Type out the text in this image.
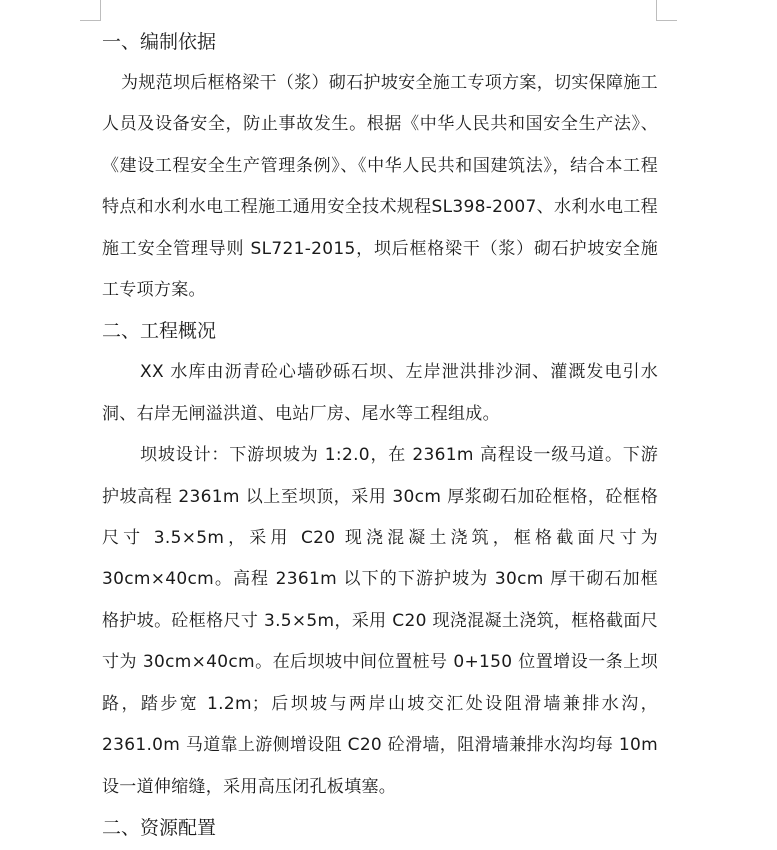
一、编制依据

为规范坝后框格梁干（浆）砌石护坡安全施工专项方案，切实保障施工人员及设备安全，防止事故发生。根据《中华人民共和国安全生产法》、《建设工程安全生产管理条例》、《中华人民共和国建筑法》，结合本工程特点和水利水电工程施工通用安全技术规程SL398-2007、水利水电工程施工安全管理导则 SL721-2015，坝后框格梁干（浆）砌石护坡安全施工专项方案。

二、工程概况

XX 水库由沥青砼心墙砂砾石坝、左岸泄洪排沙洞、灌溉发电引水洞、右岸无闸溢洪道、电站厂房、尾水等工程组成。

坝坡设计：下游坝坡为 1:2.0，在 2361m 高程设一级马道。下游护坡高程 2361m 以上至坝顶，采用 30cm 厚浆砌石加砼框格，砼框格尺寸 3.5×5m，采用 C20 现浇混凝土浇筑，框格截面尺寸为 30cm×40cm。高程 2361m 以下的下游护坡为 30cm 厚干砌石加框格护坡。砼框格尺寸 3.5×5m，采用 C20 现浇混凝土浇筑，框格截面尺寸为 30cm×40cm。在后坝坡中间位置桩号 0+150 位置增设一条上坝路，踏步宽 1.2m；后坝坡与两岸山坡交汇处设阻滑墙兼排水沟，2361.0m 马道靠上游侧增设阻 C20 砼滑墙，阻滑墙兼排水沟均每 10m 设一道伸缩缝，采用高压闭孔板填塞。

二、资源配置
